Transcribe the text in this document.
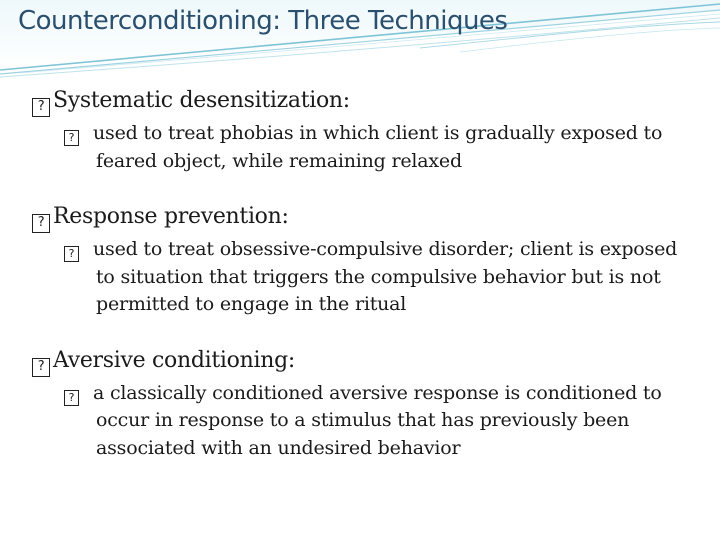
Counterconditioning: Three Techniques
? Systematic desensitization:
? used to treat phobias in which client is gradually exposed to feared object, while remaining relaxed
? Response prevention:
? used to treat obsessive-compulsive disorder; client is exposed to situation that triggers the compulsive behavior but is not permitted to engage in the ritual
? Aversive conditioning:
? a classically conditioned aversive response is conditioned to occur in response to a stimulus that has previously been associated with an undesired behavior
